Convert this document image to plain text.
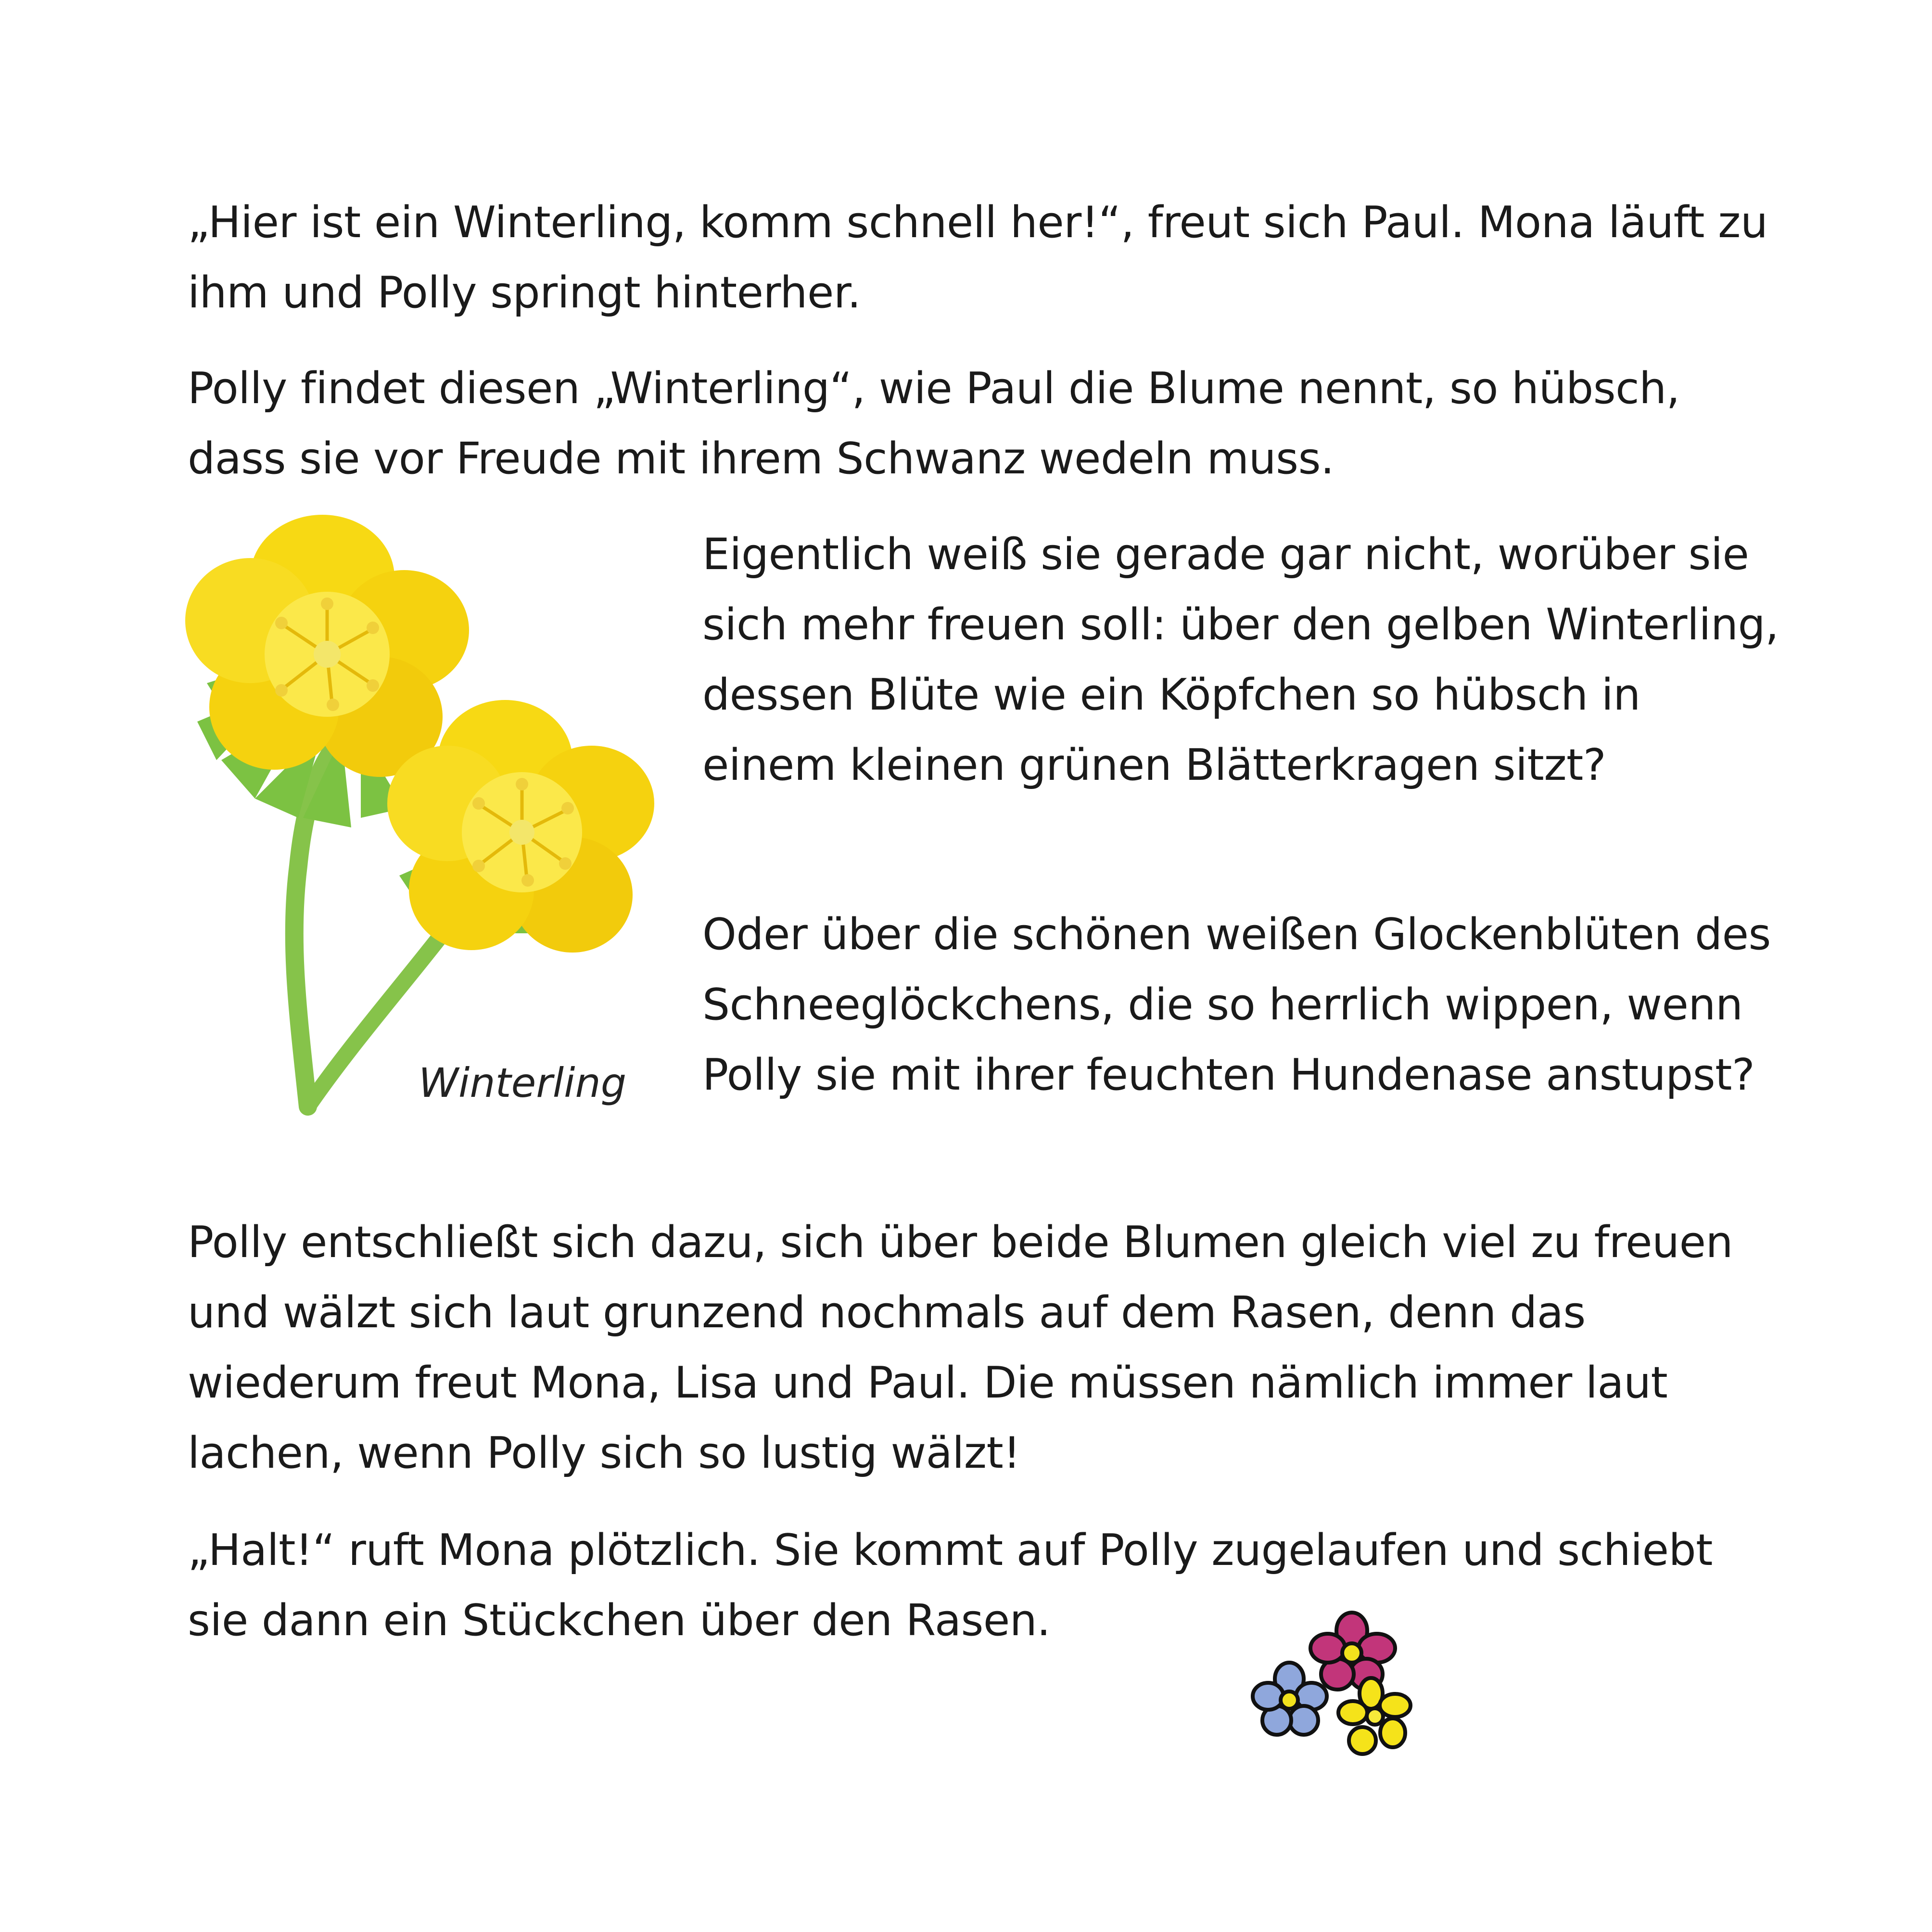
„Hier ist ein Winterling, komm schnell her!“, freut sich Paul. Mona läuft zu ihm und Polly springt hinterher.

Polly findet diesen „Winterling“, wie Paul die Blume nennt, so hübsch, dass sie vor Freude mit ihrem Schwanz wedeln muss.

Winterling

Eigentlich weiß sie gerade gar nicht, worüber sie sich mehr freuen soll: über den gelben Winterling, dessen Blüte wie ein Köpfchen so hübsch in einem kleinen grünen Blätterkragen sitzt?

Oder über die schönen weißen Glockenblüten des Schneeglöckchens, die so herrlich wippen, wenn Polly sie mit ihrer feuchten Hundenase anstupst?

Polly entschließt sich dazu, sich über beide Blumen gleich viel zu freuen und wälzt sich laut grunzend nochmals auf dem Rasen, denn das wiederum freut Mona, Lisa und Paul. Die müssen nämlich immer laut lachen, wenn Polly sich so lustig wälzt!

„Halt!“ ruft Mona plötzlich. Sie kommt auf Polly zugelaufen und schiebt sie dann ein Stückchen über den Rasen.
